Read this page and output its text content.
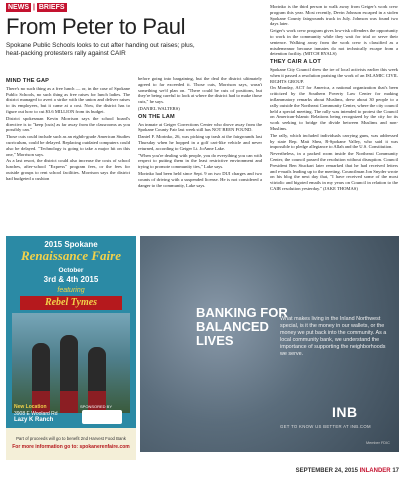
NEWS | BRIEFS
From Peter to Paul
Spokane Public Schools looks to cut after handing out raises; plus, heat-packing protesters rally against CAIR
MIND THE GAP

There's no such thing as a free lunch — or, in the case of Spokane Public Schools, no such thing as free raises for lunch ladies. The district managed to avert a strike with the union and deliver raises to its employees, but it came at a cost. Now, the district has to figure out how to cut $3.6 MILLION from its budget.

District spokesman Kevin Morrison says the school board's directive is to "keep [cuts] as far away from the classrooms as you possibly can."

Those cuts could include such as an eighth-grade American Studies curriculum, could be delayed. Replacing outdated computers could also be delayed. "Technology is going to take a major hit on this one," Morrison says.

As a last resort, the district could also increase the costs of school lunches, after-school "Express" program fees, or the fees for outside groups to rent school facilities. Morrison says the district had budgeted a cushion

before going into bargaining, but the deal the district ultimately agreed to far exceeded it. Those cuts, Morrison says, wasn't something we'd plan on. "There could be cuts of positions, but they're being careful to look at where the district had to make those cuts," he says.

(DANIEL WALTERS)

ON THE LAM

An inmate at Geiger Corrections Center who drove away from the Spokane County Fair last week still has NOT BEEN FOUND.

Daniel F. Morinko, 26, was picking up trash at the fairgrounds last Thursday when he hopped in a golf cart-like vehicle and never returned, according to Geiger Lt. JoAnne Lake.

"When you're dealing with people, you do everything you can with respect to putting them in the least restrictive environment and trying to promote community ties," Lake says.

Morinko had been held since Sept. 9 on two DUI charges and two counts of driving with a suspended license. He is not considered a danger to the community, Lake says.

Morinko is the third person to walk away from Geiger's work crew program this year. Most recently, Devin Johnson escaped in a stolen Spokane County fairgrounds truck in July. Johnson was found two days later.

Geiger's work crew program gives low-risk offenders the opportunity to work in the community while they wait for trial or serve their sentence. Walking away from the work crew is classified as a misdemeanor because inmates do not technically escape from a detention facility. (MITCH RYALS)

THEY CAIR A LOT

Spokane City Council drew the ire of local activists earlier this week when it passed a resolution praising the work of an ISLAMIC CIVIL RIGHTS GROUP.

On Monday, ACT for America, a national organization that's been criticized by the Southern Poverty Law Center for making inflammatory remarks about Muslims, drew about 30 people to a rally outside the Northeast Community Center, where the city council held a special meeting. The rally was intended to protest the Council on American-Islamic Relations being recognized by the city for its work seeking to bridge the divide between Muslims and non-Muslims.

The rally, which included individuals carrying guns, was addressed by state Rep. Matt Shea, R-Spokane Valley, who said it was impossible to pledge allegiance to Allah and the U.S. Constitution.

Nevertheless, in a packed room inside the Northeast Community Center, the council passed the resolution without disruption. Council President Ben Stuckart later remarked that he had received letters and e-mails leading up to the meeting. Councilman Jon Snyder wrote on his blog the next day that, "I have received some of the most vitriolic and bigoted emails in my years on Council in relation to the CAIR resolution yesterday." (JAKE THOMAS)

2015 Spokane
Renaissance Faire
October
3rd & 4th 2015
featuring
Rebel Tymes
New Location
3908 E Woolard Rd
Lazy K Ranch
SPONSORED BY
Part of proceeds will go to benefit 2nd Harvest Food Bank
For more information go to: spokanerenfaire.com
BANKING FOR BALANCED LIVES
What makes living in the Inland Northwest special, is it the money in our wallets, or the money we put back into the community. As a local community bank, we understand the importance of supporting the neighborhoods we serve.
INB
GET TO KNOW US BETTER AT INB.COM
Member FDIC
SEPTEMBER 24, 2015 INLANDER 17
